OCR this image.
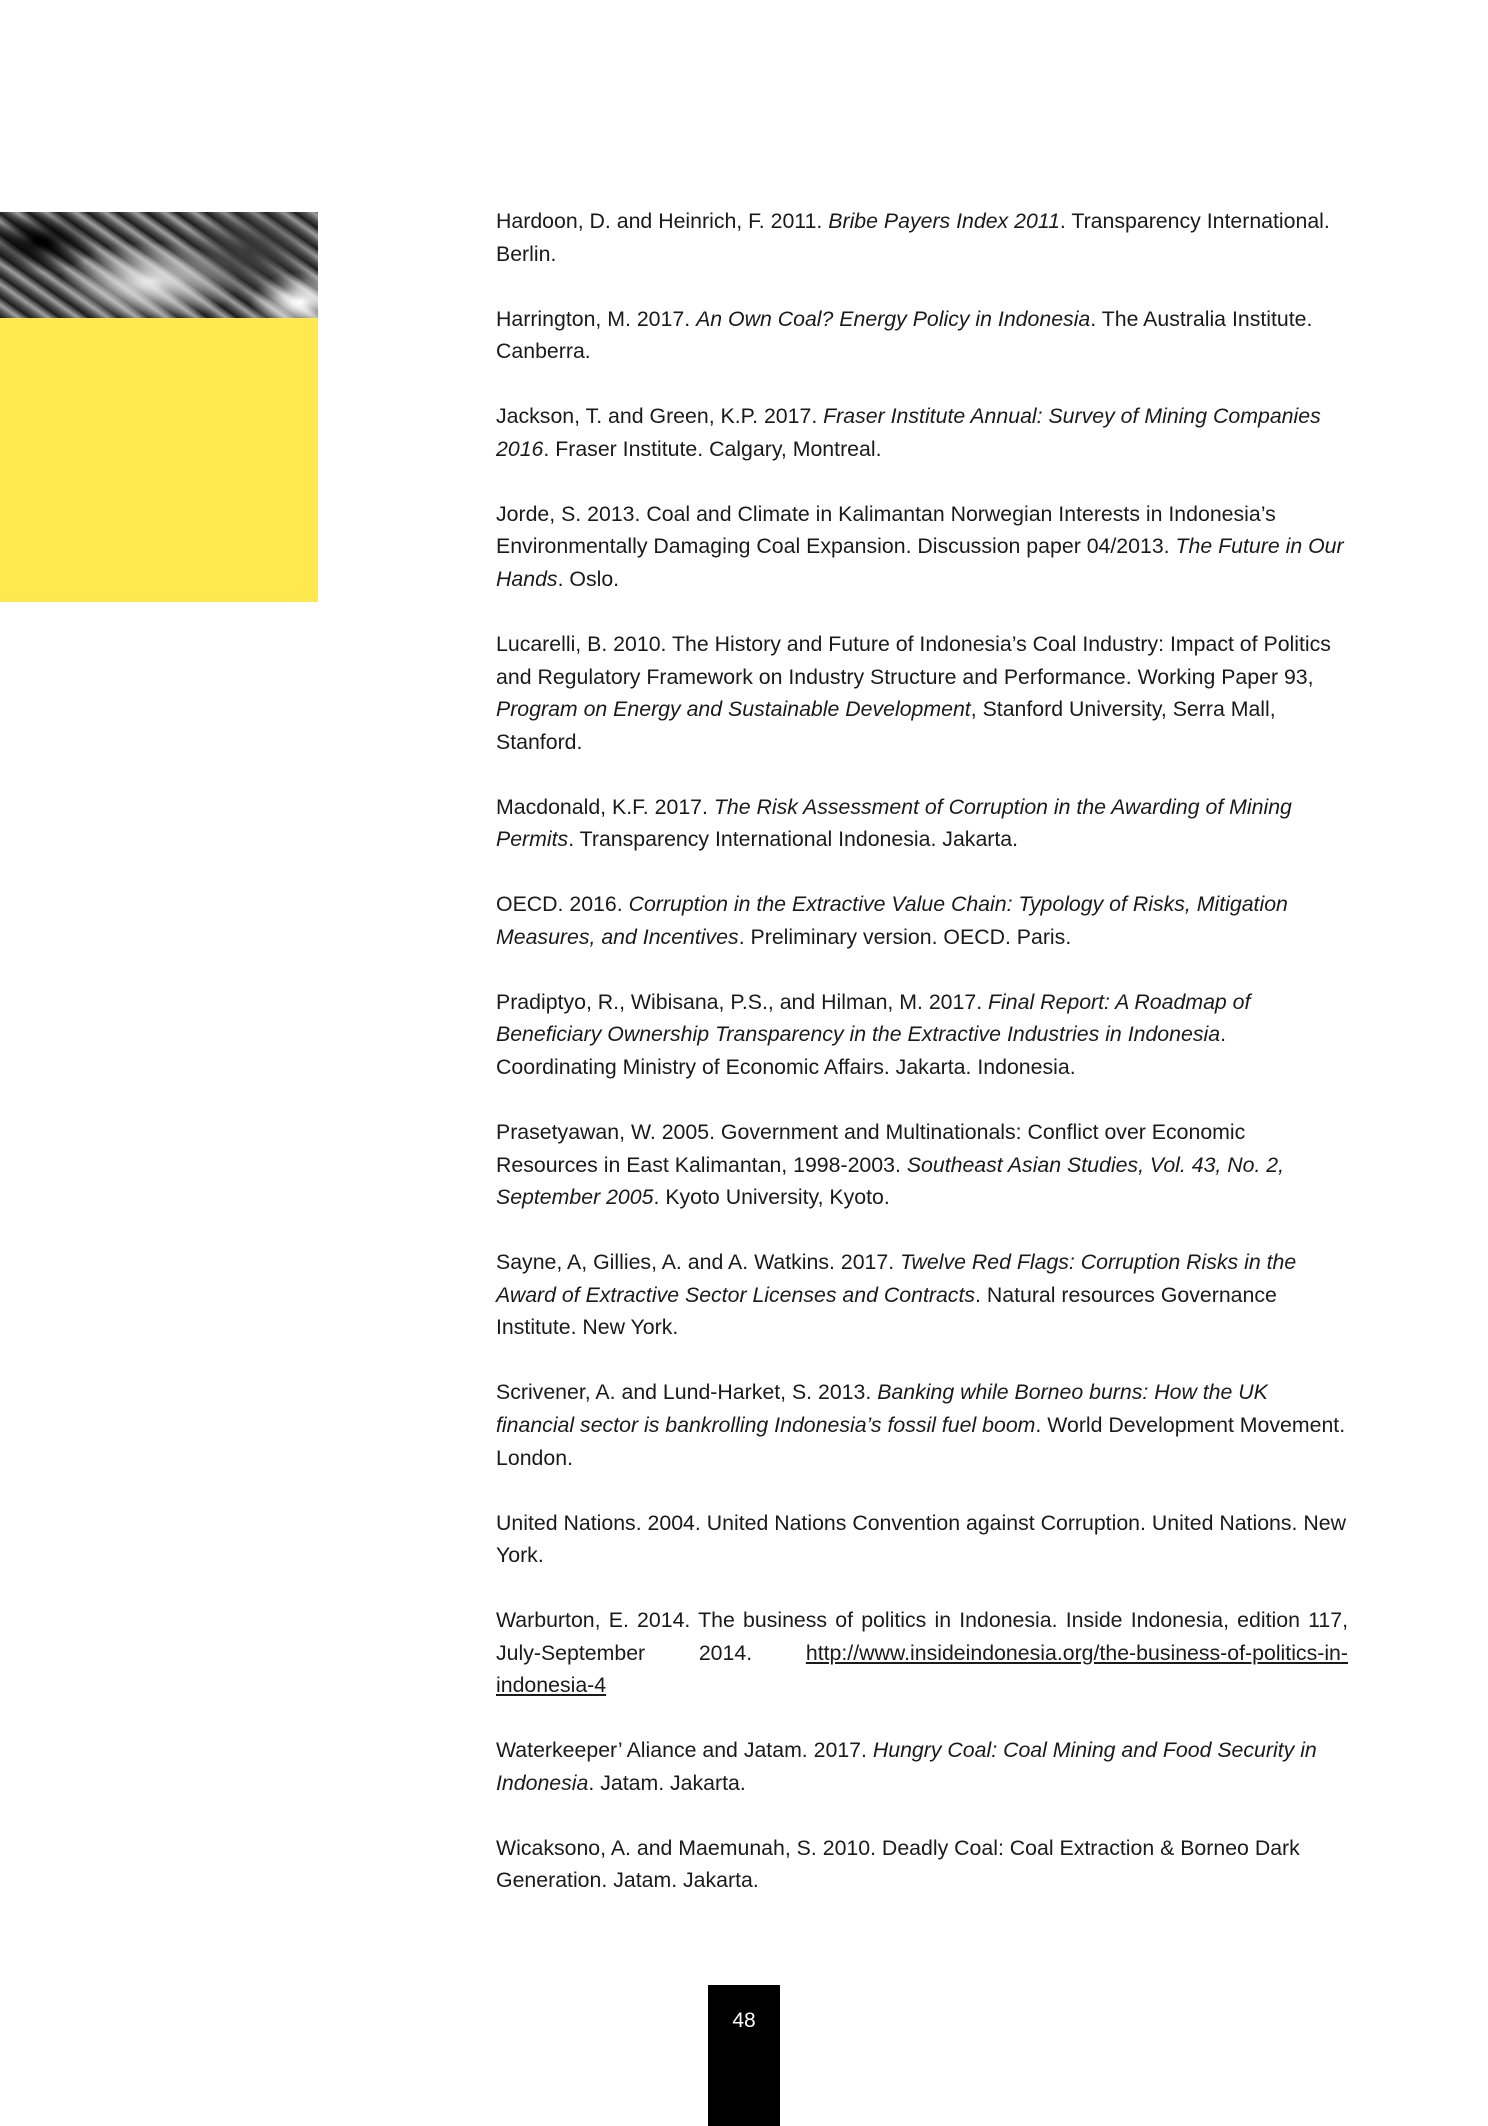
Hardoon, D. and Heinrich, F. 2011. Bribe Payers Index 2011. Transparency International. Berlin.
Harrington, M. 2017. An Own Coal? Energy Policy in Indonesia. The Australia Institute. Canberra.
Jackson, T. and Green, K.P. 2017. Fraser Institute Annual: Survey of Mining Companies 2016. Fraser Institute. Calgary, Montreal.
Jorde, S. 2013. Coal and Climate in Kalimantan Norwegian Interests in Indonesia’s Environmentally Damaging Coal Expansion. Discussion paper 04/2013. The Future in Our Hands. Oslo.
Lucarelli, B. 2010. The History and Future of Indonesia’s Coal Industry: Impact of Politics and Regulatory Framework on Industry Structure and Performance. Working Paper 93, Program on Energy and Sustainable Development, Stanford University, Serra Mall, Stanford.
Macdonald, K.F. 2017. The Risk Assessment of Corruption in the Awarding of Mining Permits. Transparency International Indonesia. Jakarta.
OECD. 2016. Corruption in the Extractive Value Chain: Typology of Risks, Mitigation Measures, and Incentives. Preliminary version. OECD. Paris.
Pradiptyo, R., Wibisana, P.S., and Hilman, M. 2017. Final Report: A Roadmap of Beneficiary Ownership Transparency in the Extractive Industries in Indonesia. Coordinating Ministry of Economic Affairs. Jakarta. Indonesia.
Prasetyawan, W. 2005. Government and Multinationals: Conflict over Economic Resources in East Kalimantan, 1998-2003. Southeast Asian Studies, Vol. 43, No. 2, September 2005. Kyoto University, Kyoto.
Sayne, A, Gillies, A. and A. Watkins. 2017. Twelve Red Flags: Corruption Risks in the Award of Extractive Sector Licenses and Contracts. Natural resources Governance Institute. New York.
Scrivener, A. and Lund-Harket, S. 2013. Banking while Borneo burns: How the UK financial sector is bankrolling Indonesia’s fossil fuel boom. World Development Movement. London.
United Nations. 2004. United Nations Convention against Corruption. United Nations. New York.
Warburton, E. 2014. The business of politics in Indonesia. Inside Indonesia, edition 117, July-September 2014. http://www.insideindonesia.org/the-business-of-politics-in-indonesia-4
Waterkeeper’ Aliance and Jatam. 2017. Hungry Coal: Coal Mining and Food Security in Indonesia. Jatam. Jakarta.
Wicaksono, A. and Maemunah, S. 2010. Deadly Coal: Coal Extraction & Borneo Dark Generation. Jatam. Jakarta.
48
